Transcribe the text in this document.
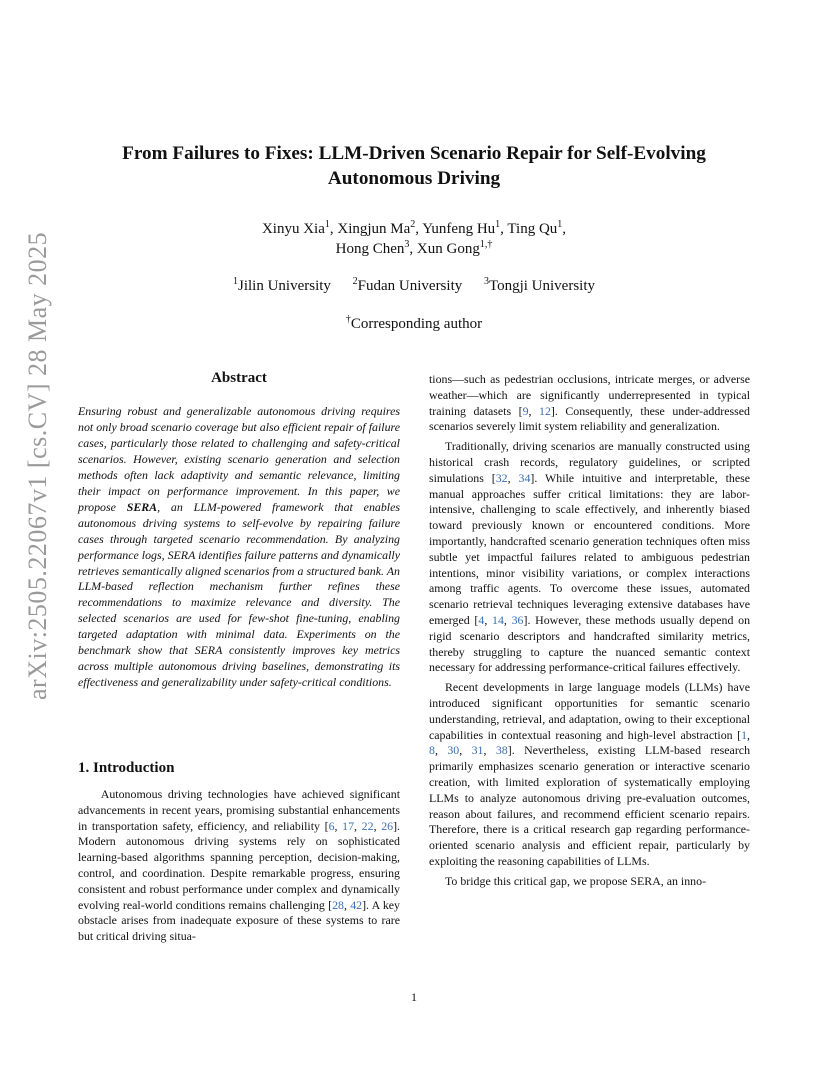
arXiv:2505.22067v1 [cs.CV] 28 May 2025
From Failures to Fixes: LLM-Driven Scenario Repair for Self-Evolving Autonomous Driving
Xinyu Xia$^1$, Xingjun Ma$^2$, Yunfeng Hu$^1$, Ting Qu$^1$,
Hong Chen$^3$, Xun Gong$^{1,\dagger}$
$^1$Jilin University $^2$Fudan University $^3$Tongji University
†Corresponding author
Abstract
Ensuring robust and generalizable autonomous driving requires not only broad scenario coverage but also efficient repair of failure cases, particularly those related to challenging and safety-critical scenarios. However, existing scenario generation and selection methods often lack adaptivity and semantic relevance, limiting their impact on performance improvement. In this paper, we propose SERA, an LLM-powered framework that enables autonomous driving systems to self-evolve by repairing failure cases through targeted scenario recommendation. By analyzing performance logs, SERA identifies failure patterns and dynamically retrieves semantically aligned scenarios from a structured bank. An LLM-based reflection mechanism further refines these recommendations to maximize relevance and diversity. The selected scenarios are used for few-shot fine-tuning, enabling targeted adaptation with minimal data. Experiments on the benchmark show that SERA consistently improves key metrics across multiple autonomous driving baselines, demonstrating its effectiveness and generalizability under safety-critical conditions.
1. Introduction
Autonomous driving technologies have achieved significant advancements in recent years, promising substantial enhancements in transportation safety, efficiency, and reliability [6, 17, 22, 26]. Modern autonomous driving systems rely on sophisticated learning-based algorithms spanning perception, decision-making, control, and coordination. Despite remarkable progress, ensuring consistent and robust performance under complex and dynamically evolving real-world conditions remains challenging [28, 42]. A key obstacle arises from inadequate exposure of these systems to rare but critical driving situa-

tions—such as pedestrian occlusions, intricate merges, or adverse weather—which are significantly underrepresented in typical training datasets [9, 12]. Consequently, these under-addressed scenarios severely limit system reliability and generalization.

Traditionally, driving scenarios are manually constructed using historical crash records, regulatory guidelines, or scripted simulations [32, 34]. While intuitive and interpretable, these manual approaches suffer critical limitations: they are labor-intensive, challenging to scale effectively, and inherently biased toward previously known or encountered conditions. More importantly, handcrafted scenario generation techniques often miss subtle yet impactful failures related to ambiguous pedestrian intentions, minor visibility variations, or complex interactions among traffic agents. To overcome these issues, automated scenario retrieval techniques leveraging extensive databases have emerged [4, 14, 36]. However, these methods usually depend on rigid scenario descriptors and handcrafted similarity metrics, thereby struggling to capture the nuanced semantic context necessary for addressing performance-critical failures effectively.

Recent developments in large language models (LLMs) have introduced significant opportunities for semantic scenario understanding, retrieval, and adaptation, owing to their exceptional capabilities in contextual reasoning and high-level abstraction [1, 8, 30, 31, 38]. Nevertheless, existing LLM-based research primarily emphasizes scenario generation or interactive scenario creation, with limited exploration of systematically employing LLMs to analyze autonomous driving pre-evaluation outcomes, reason about failures, and recommend efficient scenario repairs. Therefore, there is a critical research gap regarding performance-oriented scenario analysis and efficient repair, particularly by exploiting the reasoning capabilities of LLMs.

To bridge this critical gap, we propose SERA, an inno-

1
